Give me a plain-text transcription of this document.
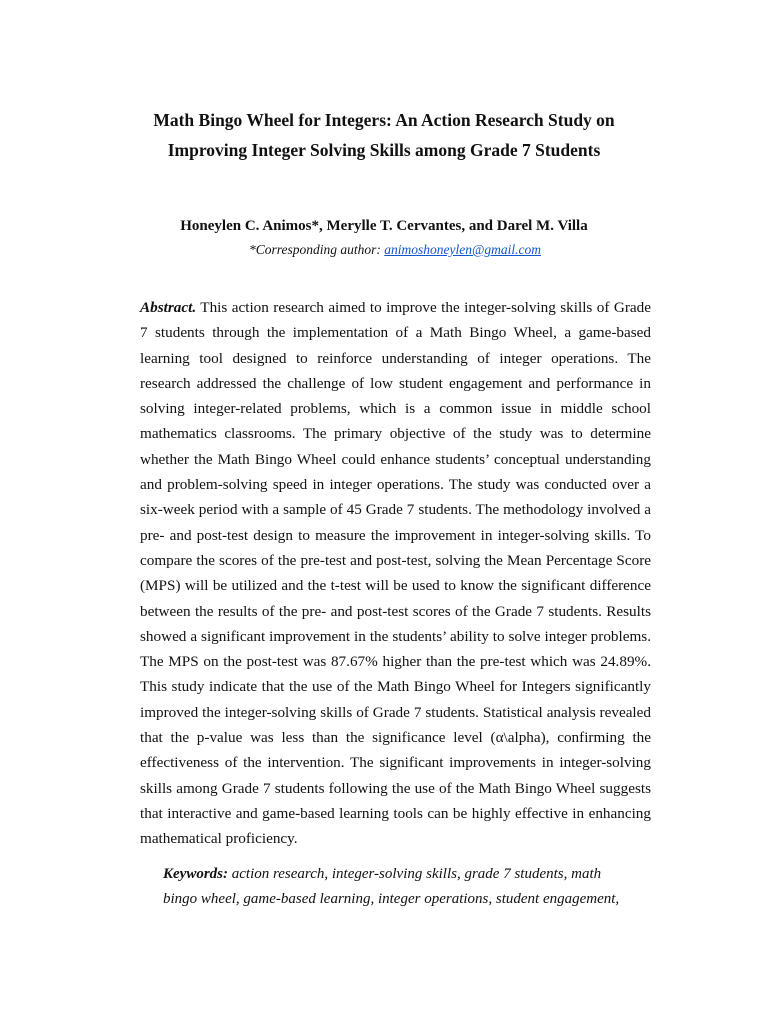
Math Bingo Wheel for Integers: An Action Research Study on
Improving Integer Solving Skills among Grade 7 Students
Honeylen C. Animos*, Merylle T. Cervantes, and Darel M. Villa
*Corresponding author: animoshoneylen@gmail.com
Abstract. This action research aimed to improve the integer-solving skills of Grade 7 students through the implementation of a Math Bingo Wheel, a game-based learning tool designed to reinforce understanding of integer operations. The research addressed the challenge of low student engagement and performance in solving integer-related problems, which is a common issue in middle school mathematics classrooms. The primary objective of the study was to determine whether the Math Bingo Wheel could enhance students’ conceptual understanding and problem-solving speed in integer operations. The study was conducted over a six-week period with a sample of 45 Grade 7 students. The methodology involved a pre- and post-test design to measure the improvement in integer-solving skills. To compare the scores of the pre-test and post-test, solving the Mean Percentage Score (MPS) will be utilized and the t-test will be used to know the significant difference between the results of the pre- and post-test scores of the Grade 7 students. Results showed a significant improvement in the students’ ability to solve integer problems. The MPS on the post-test was 87.67% higher than the pre-test which was 24.89%. This study indicate that the use of the Math Bingo Wheel for Integers significantly improved the integer-solving skills of Grade 7 students. Statistical analysis revealed that the p-value was less than the significance level (α\alpha), confirming the effectiveness of the intervention. The significant improvements in integer-solving skills among Grade 7 students following the use of the Math Bingo Wheel suggests that interactive and game-based learning tools can be highly effective in enhancing mathematical proficiency.
Keywords: action research, integer-solving skills, grade 7 students, math bingo wheel, game-based learning, integer operations, student engagement,
